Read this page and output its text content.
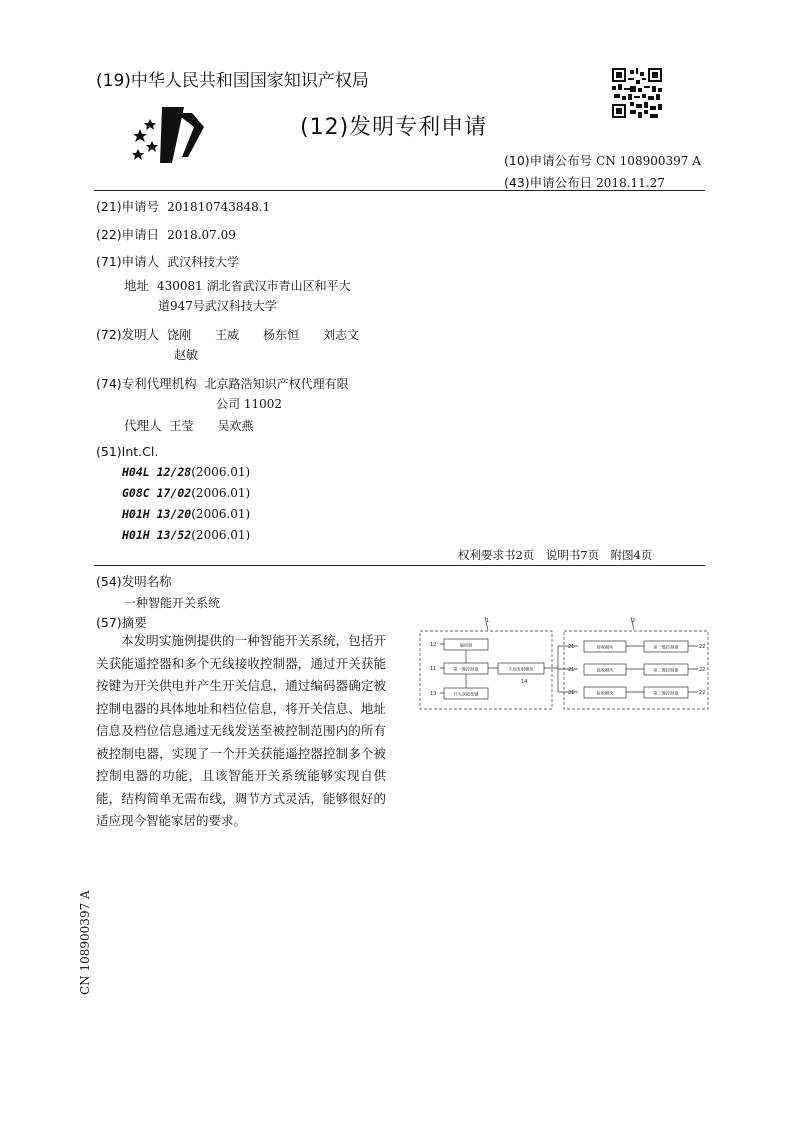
(19)中华人民共和国国家知识产权局
(12)发明专利申请
(10)申请公布号 CN 108900397 A
(43)申请公布日 2018.11.27
(21)申请号 201810743848.1
(22)申请日 2018.07.09
(71)申请人 武汉科技大学
地址 430081 湖北省武汉市青山区和平大
道947号武汉科技大学
(72)发明人 饶刚　　王威　　杨东恒　　刘志文
赵敏
(74)专利代理机构 北京路浩知识产权代理有限
公司 11002
代理人 王莹　　吴欢燕
(51)Int.Cl.
H04L 12/28(2006.01)
G08C 17/02(2006.01)
H01H 13/20(2006.01)
H01H 13/52(2006.01)
权利要求书2页　说明书7页　附图4页
(54)发明名称
一种智能开关系统
(57)摘要

本发明实施例提供的一种智能开关系统，包括开关获能遥控器和多个无线接收控制器，通过开关获能按键为开关供电并产生开关信息，通过编码器确定被控制电器的具体地址和档位信息，将开关信息、地址信息及档位信息通过无线发送至被控制范围内的所有被控制电器，实现了一个开关获能遥控器控制多个被控制电器的功能，且该智能开关系统能够实现自供能，结构简单无需布线，调节方式灵活，能够很好的适应现今智能家居的要求。

编码器
第一微控制器
开关获能按键
无线发射模块
接收模块
接收模块
接收模块
第一微控制器
第二微控制器
第三微控制器
1	2
12
11
13
14
21
21
21
22
22
22
CN 108900397 A
